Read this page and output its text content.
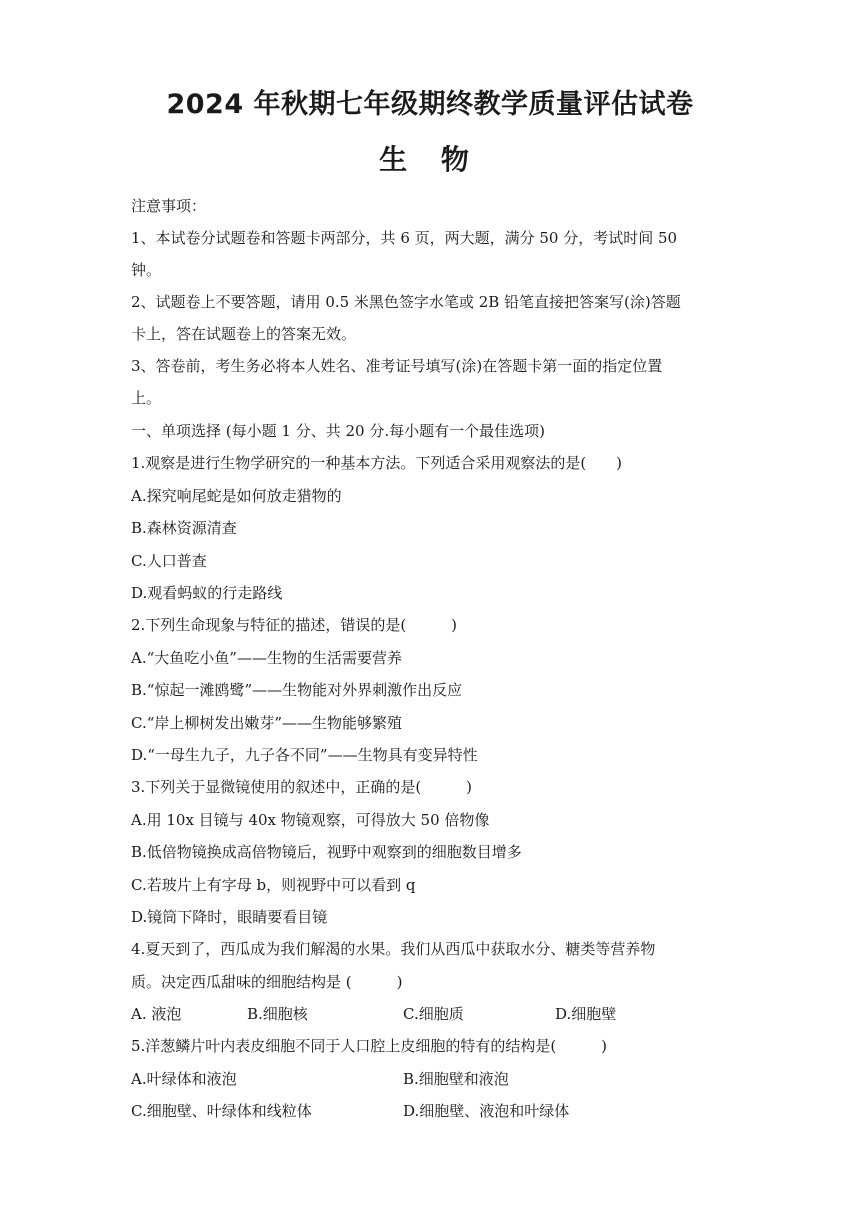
2024 年秋期七年级期终教学质量评估试卷
生 物
注意事项：
1、本试卷分试题卷和答题卡两部分，共 6 页，两大题，满分 50 分，考试时间 50
钟。
2、试题卷上不要答题，请用 0.5 米黑色签字水笔或 2B 铅笔直接把答案写(涂)答题
卡上，答在试题卷上的答案无效。
3、答卷前，考生务必将本人姓名、准考证号填写(涂)在答题卡第一面的指定位置
上。
一、单项选择 (每小题 1 分、共 20 分.每小题有一个最佳选项)
1.观察是进行生物学研究的一种基本方法。下列适合采用观察法的是(　　)
A.探究响尾蛇是如何放走猎物的
B.森林资源清查
C.人口普查
D.观看蚂蚁的行走路线
2.下列生命现象与特征的描述，错误的是(　　　)
A.“大鱼吃小鱼”——生物的生活需要营养
B.“惊起一滩鸥鹭”——生物能对外界刺激作出反应
C.“岸上柳树发出嫩芽”——生物能够繁殖
D.“一母生九子，九子各不同”——生物具有变异特性
3.下列关于显微镜使用的叙述中，正确的是(　　　)
A.用 10x 目镜与 40x 物镜观察，可得放大 50 倍物像
B.低倍物镜换成高倍物镜后，视野中观察到的细胞数目增多
C.若玻片上有字母 b，则视野中可以看到 q
D.镜筒下降时，眼睛要看目镜
4.夏天到了，西瓜成为我们解渴的水果。我们从西瓜中获取水分、糖类等营养物
质。决定西瓜甜味的细胞结构是 (　　　)
A. 液泡	B.细胞核	C.细胞质	D.细胞壁
5.洋葱鳞片叶内表皮细胞不同于人口腔上皮细胞的特有的结构是(　　　)
A.叶绿体和液泡	B.细胞壁和液泡
C.细胞壁、叶绿体和线粒体	D.细胞壁、液泡和叶绿体
